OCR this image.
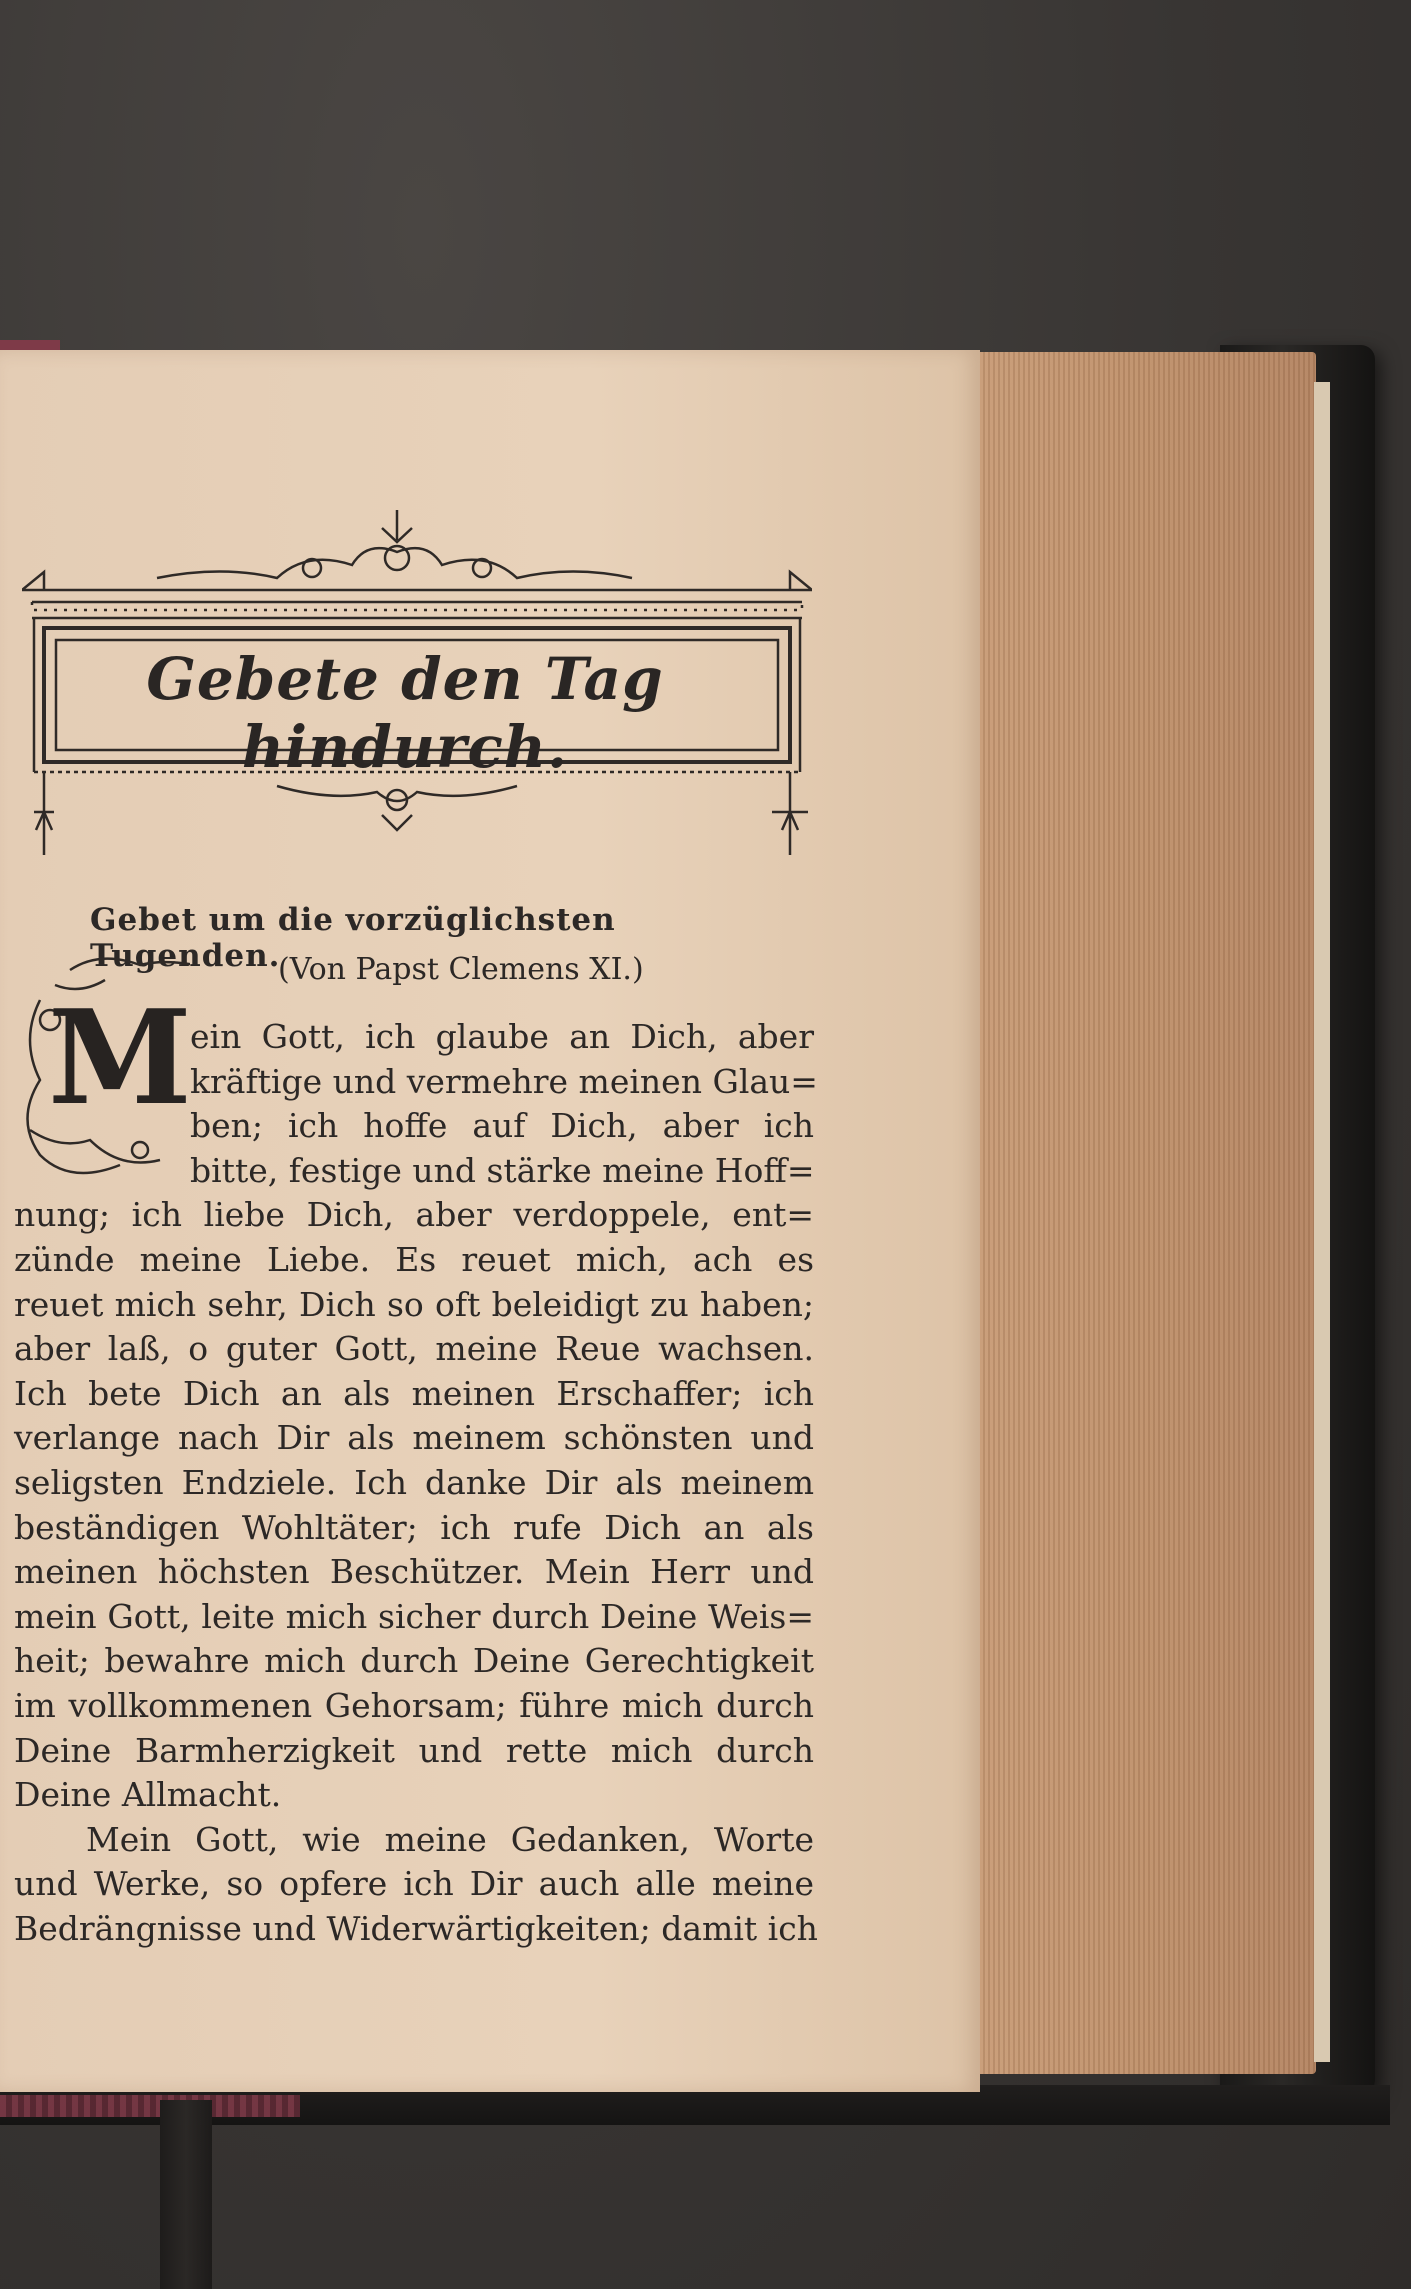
Gebete den Tag hindurch.
Gebet um die vorzüglichsten Tugenden.
M
(Von Papst Clemens XI.)
ein Gott, ich glaube an Dich, aber
kräftige und vermehre meinen Glau=
ben; ich hoffe auf Dich, aber ich
bitte, festige und stärke meine Hoff=
nung; ich liebe Dich, aber verdoppele, ent=
zünde meine Liebe. Es reuet mich, ach es
reuet mich sehr, Dich so oft beleidigt zu haben;
aber laß, o guter Gott, meine Reue wachsen.
Ich bete Dich an als meinen Erschaffer; ich
verlange nach Dir als meinem schönsten und
seligsten Endziele. Ich danke Dir als meinem
beständigen Wohltäter; ich rufe Dich an als
meinen höchsten Beschützer. Mein Herr und
mein Gott, leite mich sicher durch Deine Weis=
heit; bewahre mich durch Deine Gerechtigkeit
im vollkommenen Gehorsam; führe mich durch
Deine Barmherzigkeit und rette mich durch
Deine Allmacht.
Mein Gott, wie meine Gedanken, Worte
und Werke, so opfere ich Dir auch alle meine
Bedrängnisse und Widerwärtigkeiten; damit ich
